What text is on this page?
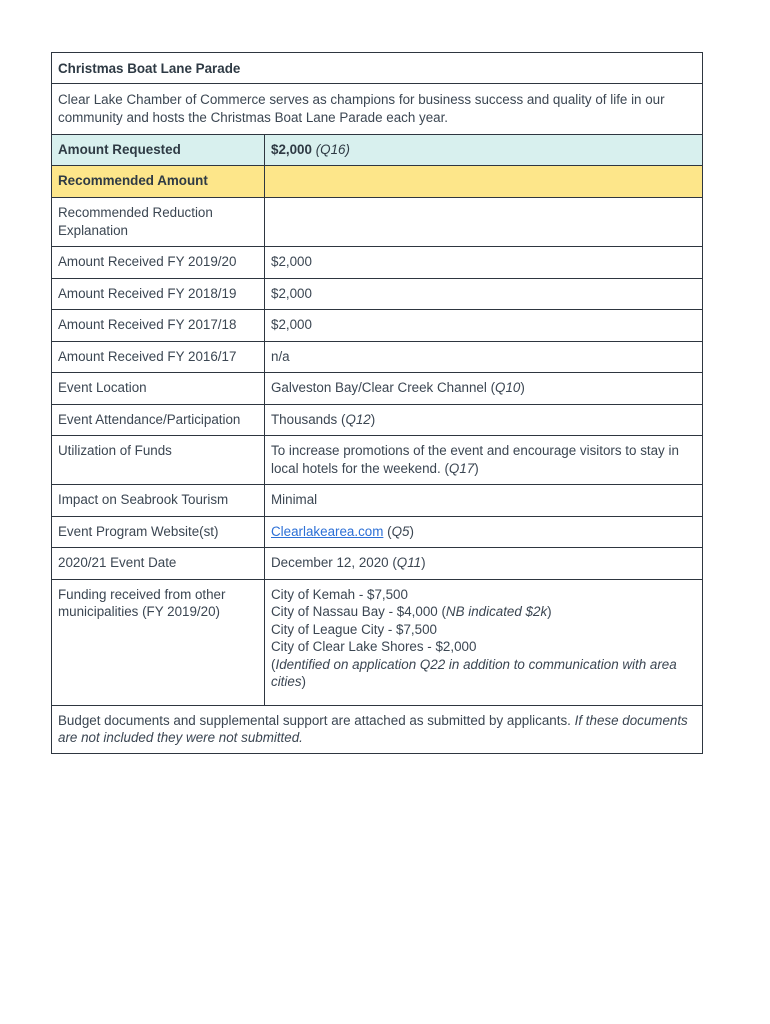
Christmas Boat Lane Parade	
Clear Lake Chamber of Commerce serves as champions for business success and quality of life in our community and hosts the Christmas Boat Lane Parade each year.	
Amount Requested	$2,000 (Q16)
Recommended Amount	
Recommended Reduction Explanation	
Amount Received FY 2019/20	$2,000
Amount Received FY 2018/19	$2,000
Amount Received FY 2017/18	$2,000
Amount Received FY 2016/17	n/a
Event Location	Galveston Bay/Clear Creek Channel (Q10)
Event Attendance/Participation	Thousands (Q12)
Utilization of Funds	To increase promotions of the event and encourage visitors to stay in local hotels for the weekend. (Q17)
Impact on Seabrook Tourism	Minimal
Event Program Website(st)	Clearlakearea.com (Q5)
2020/21 Event Date	December 12, 2020 (Q11)
Funding received from other municipalities (FY 2019/20)	City of Kemah - $7,500
City of Nassau Bay - $4,000 (NB indicated $2k)
City of League City - $7,500
City of Clear Lake Shores - $2,000
(Identified on application Q22 in addition to communication with area cities)

Budget documents and supplemental support are attached as submitted by applicants. If these documents are not included they were not submitted.	
